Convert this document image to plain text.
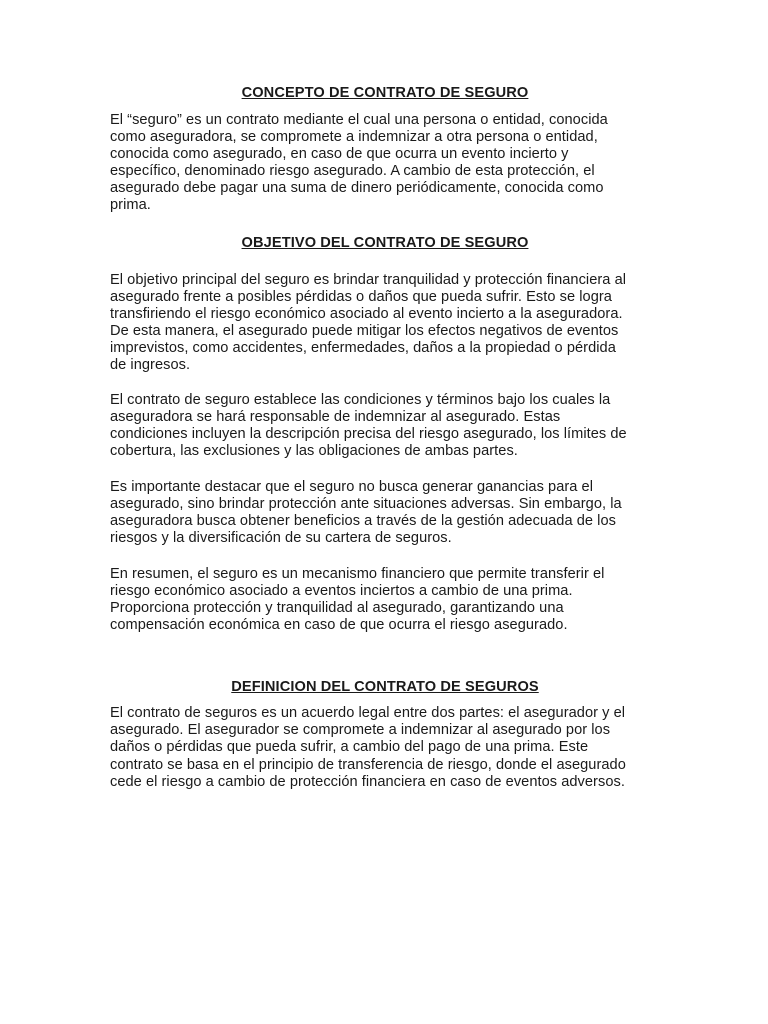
CONCEPTO DE CONTRATO DE SEGURO

El “seguro” es un contrato mediante el cual una persona o entidad, conocida
como aseguradora, se compromete a indemnizar a otra persona o entidad,
conocida como asegurado, en caso de que ocurra un evento incierto y
específico, denominado riesgo asegurado. A cambio de esta protección, el
asegurado debe pagar una suma de dinero periódicamente, conocida como
prima.

OBJETIVO DEL CONTRATO DE SEGURO

El objetivo principal del seguro es brindar tranquilidad y protección financiera al
asegurado frente a posibles pérdidas o daños que pueda sufrir. Esto se logra
transfiriendo el riesgo económico asociado al evento incierto a la aseguradora.
De esta manera, el asegurado puede mitigar los efectos negativos de eventos
imprevistos, como accidentes, enfermedades, daños a la propiedad o pérdida
de ingresos.

El contrato de seguro establece las condiciones y términos bajo los cuales la
aseguradora se hará responsable de indemnizar al asegurado. Estas
condiciones incluyen la descripción precisa del riesgo asegurado, los límites de
cobertura, las exclusiones y las obligaciones de ambas partes.

Es importante destacar que el seguro no busca generar ganancias para el
asegurado, sino brindar protección ante situaciones adversas. Sin embargo, la
aseguradora busca obtener beneficios a través de la gestión adecuada de los
riesgos y la diversificación de su cartera de seguros.

En resumen, el seguro es un mecanismo financiero que permite transferir el
riesgo económico asociado a eventos inciertos a cambio de una prima.
Proporciona protección y tranquilidad al asegurado, garantizando una
compensación económica en caso de que ocurra el riesgo asegurado.

DEFINICION DEL CONTRATO DE SEGUROS

El contrato de seguros es un acuerdo legal entre dos partes: el asegurador y el
asegurado. El asegurador se compromete a indemnizar al asegurado por los
daños o pérdidas que pueda sufrir, a cambio del pago de una prima. Este
contrato se basa en el principio de transferencia de riesgo, donde el asegurado
cede el riesgo a cambio de protección financiera en caso de eventos adversos.
